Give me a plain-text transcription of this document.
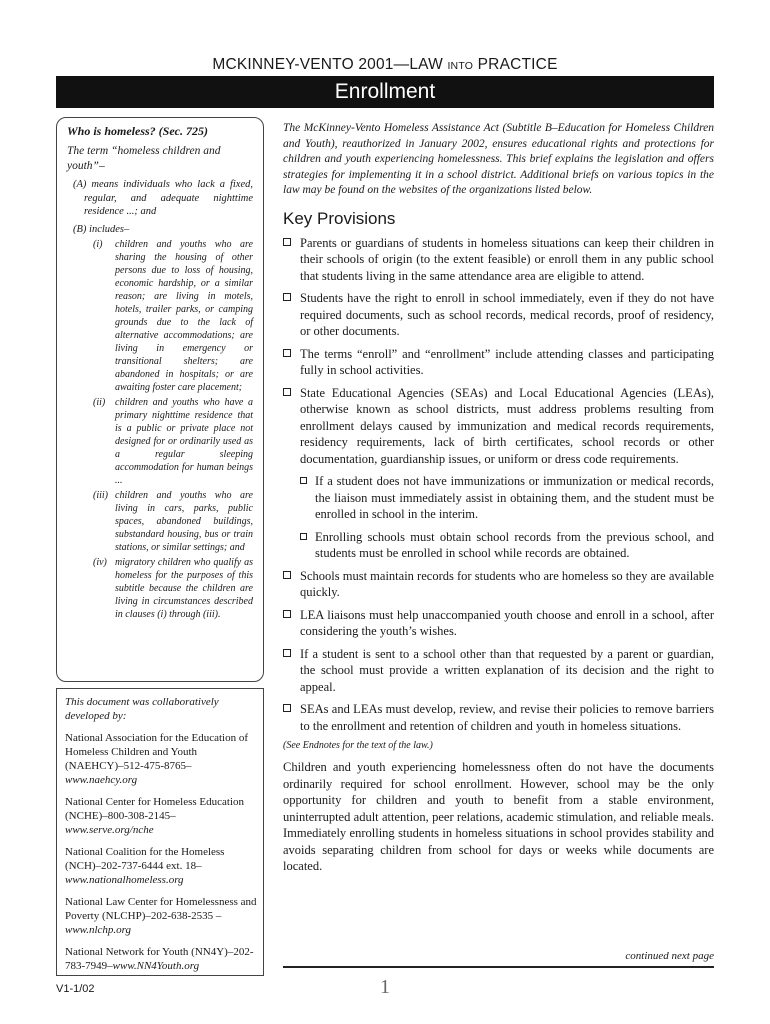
MCKINNEY-VENTO 2001—LAW INTO PRACTICE
Enrollment

Who is homeless? (Sec. 725)

The term “homeless children and youth”–

(A) means individuals who lack a fixed, regular, and adequate nighttime residence ...; and

(B) includes–

(i) children and youths who are sharing the housing of other persons due to loss of housing, economic hardship, or a similar reason; are living in motels, hotels, trailer parks, or camping grounds due to the lack of alternative accommodations; are living in emergency or transitional shelters; are abandoned in hospitals; or are awaiting foster care placement;
(ii) children and youths who have a primary nighttime residence that is a public or private place not designed for or ordinarily used as a regular sleeping accommodation for human beings ...
(iii) children and youths who are living in cars, parks, public spaces, abandoned buildings, substandard housing, bus or train stations, or similar settings; and
(iv) migratory children who qualify as homeless for the purposes of this subtitle because the children are living in circumstances described in clauses (i) through (iii).

This document was collaboratively developed by:

National Association for the Education of Homeless Children and Youth (NAEHCY)–512-475-8765–www.naehcy.org

National Center for Homeless Education (NCHE)–800-308-2145–www.serve.org/nche

National Coalition for the Homeless (NCH)–202-737-6444 ext. 18–www.nationalhomeless.org

National Law Center for Homelessness and Poverty (NLCHP)–202-638-2535 –www.nlchp.org

National Network for Youth (NN4Y)–202-783-7949–www.NN4Youth.org

The McKinney-Vento Homeless Assistance Act (Subtitle B–Education for Homeless Children and Youth), reauthorized in January 2002, ensures educational rights and protections for children and youth experiencing homelessness. This brief explains the legislation and offers strategies for implementing it in a school district. Additional briefs on various topics in the law may be found on the websites of the organizations listed below.

Key Provisions
Parents or guardians of students in homeless situations can keep their children in their schools of origin (to the extent feasible) or enroll them in any public school that students living in the same attendance area are eligible to attend.
Students have the right to enroll in school immediately, even if they do not have required documents, such as school records, medical records, proof of residency, or other documents.
The terms “enroll” and “enrollment” include attending classes and participating fully in school activities.
State Educational Agencies (SEAs) and Local Educational Agencies (LEAs), otherwise known as school districts, must address problems resulting from enrollment delays caused by immunization and medical records requirements, residency requirements, lack of birth certificates, school records or other documentation, guardianship issues, or uniform or dress code requirements.
If a student does not have immunizations or immunization or medical records, the liaison must immediately assist in obtaining them, and the student must be enrolled in school in the interim.
Enrolling schools must obtain school records from the previous school, and students must be enrolled in school while records are obtained.
Schools must maintain records for students who are homeless so they are available quickly.
LEA liaisons must help unaccompanied youth choose and enroll in a school, after considering the youth’s wishes.
If a student is sent to a school other than that requested by a parent or guardian, the school must provide a written explanation of its decision and the right to appeal.
SEAs and LEAs must develop, review, and revise their policies to remove barriers to the enrollment and retention of children and youth in homeless situations.

(See Endnotes for the text of the law.)

Children and youth experiencing homelessness often do not have the documents ordinarily required for school enrollment. However, school may be the only opportunity for children and youth to benefit from a stable environment, uninterrupted adult attention, peer relations, academic stimulation, and reliable meals. Immediately enrolling students in homeless situations in school provides stability and avoids separating children from school for days or weeks while documents are located.

continued next page
V1-1/02	1
